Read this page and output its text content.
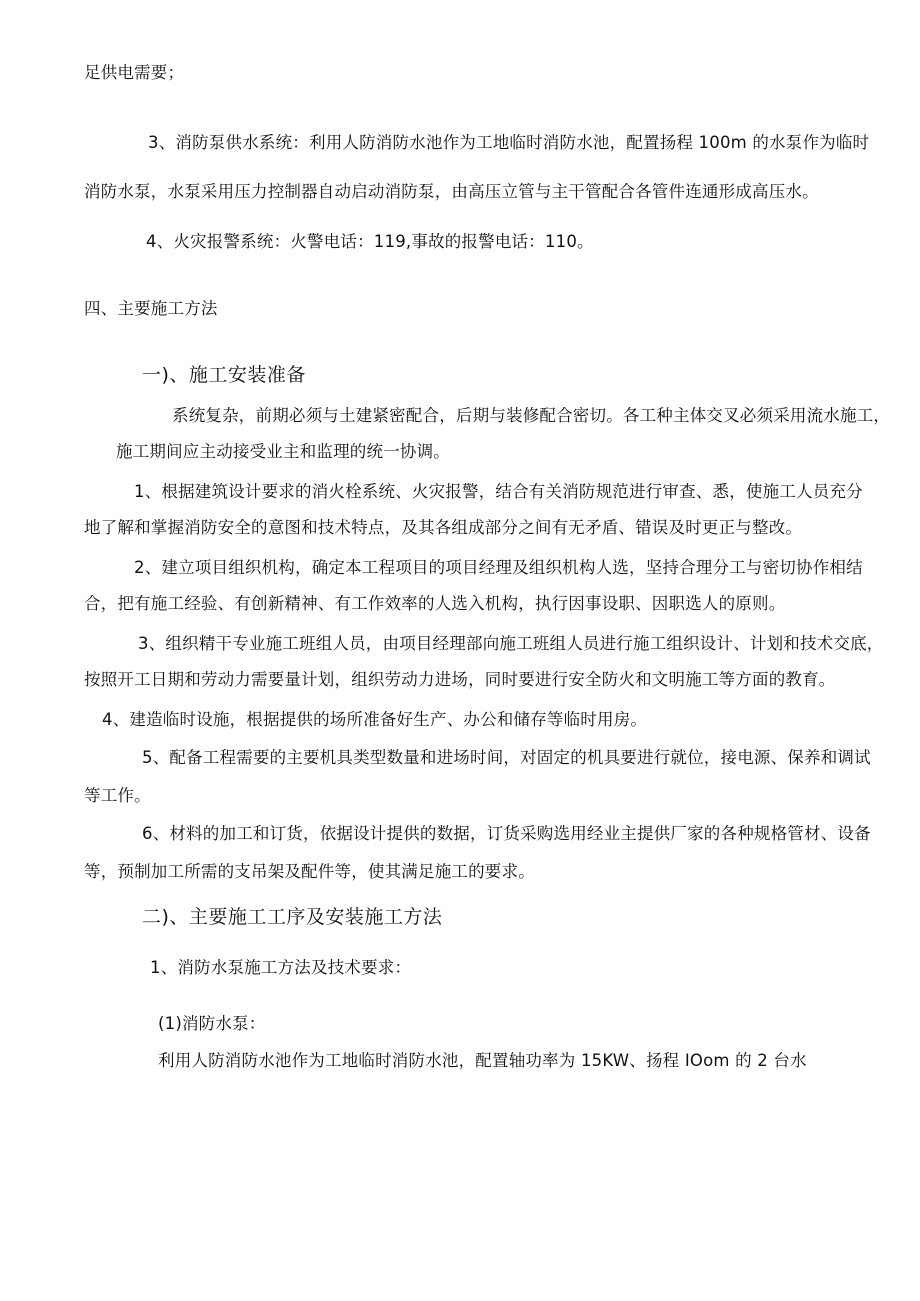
足供电需要；
3、消防泵供水系统：利用人防消防水池作为工地临时消防水池，配置扬程 100m 的水泵作为临时
消防水泵，水泵采用压力控制器自动启动消防泵，由高压立管与主干管配合各管件连通形成高压水。
4、火灾报警系统：火警电话：119,事故的报警电话：110。
四、主要施工方法
一)、施工安装准备
系统复杂，前期必须与土建紧密配合，后期与装修配合密切。各工种主体交叉必须采用流水施工，
施工期间应主动接受业主和监理的统一协调。
1、根据建筑设计要求的消火栓系统、火灾报警，结合有关消防规范进行审查、悉，使施工人员充分
地了解和掌握消防安全的意图和技术特点，及其各组成部分之间有无矛盾、错误及时更正与整改。
2、建立项目组织机构，确定本工程项目的项目经理及组织机构人选，坚持合理分工与密切协作相结
合，把有施工经验、有创新精神、有工作效率的人选入机构，执行因事设职、因职选人的原则。
3、组织精干专业施工班组人员，由项目经理部向施工班组人员进行施工组织设计、计划和技术交底，
按照开工日期和劳动力需要量计划，组织劳动力进场，同时要进行安全防火和文明施工等方面的教育。
4、建造临时设施，根据提供的场所准备好生产、办公和储存等临时用房。
5、配备工程需要的主要机具类型数量和进场时间，对固定的机具要进行就位，接电源、保养和调试
等工作。
6、材料的加工和订货，依据设计提供的数据，订货采购选用经业主提供厂家的各种规格管材、设备
等，预制加工所需的支吊架及配件等，使其满足施工的要求。
二)、主要施工工序及安装施工方法
1、消防水泵施工方法及技术要求：
(1)消防水泵：
利用人防消防水池作为工地临时消防水池，配置轴功率为 15KW、扬程 IOom 的 2 台水
